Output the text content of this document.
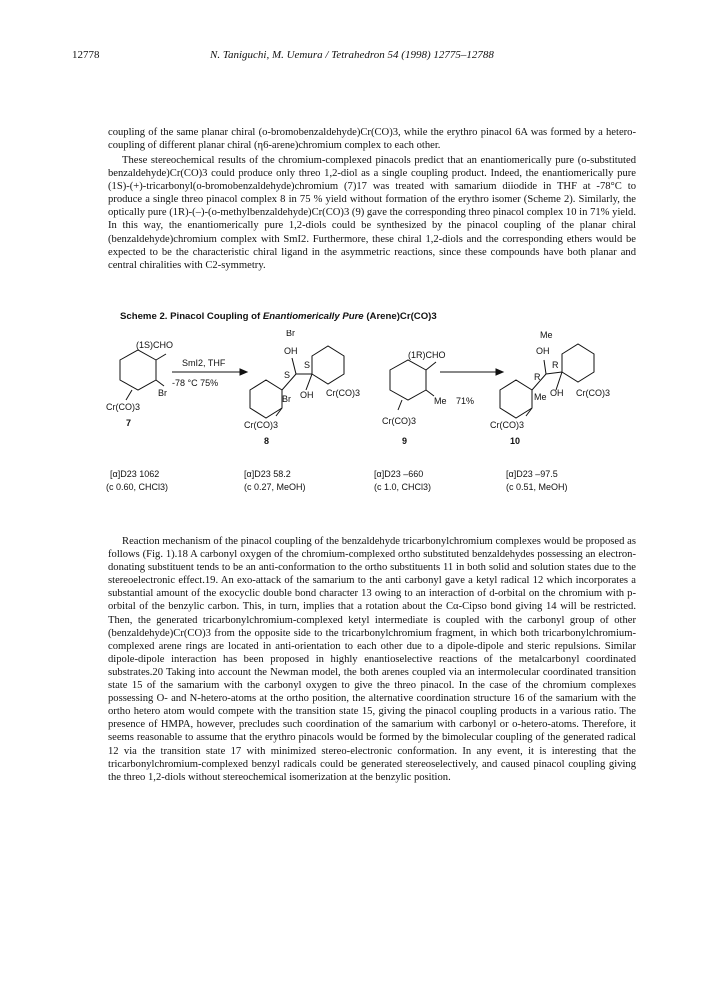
12778	N. Taniguchi, M. Uemura / Tetrahedron 54 (1998) 12775–12788

coupling of the same planar chiral (o-bromobenzaldehyde)Cr(CO)3, while the erythro pinacol 6A was formed by a hetero-coupling of different planar chiral (η6-arene)chromium complex to each other.

These stereochemical results of the chromium-complexed pinacols predict that an enantiomerically pure (o-substituted benzaldehyde)Cr(CO)3 could produce only threo 1,2-diol as a single coupling product. Indeed, the enantiomerically pure (1S)-(+)-tricarbonyl(o-bromobenzaldehyde)chromium (7)17 was treated with samarium diiodide in THF at -78°C to produce a single threo pinacol complex 8 in 75 % yield without formation of the erythro isomer (Scheme 2). Similarly, the optically pure (1R)-(–)-(o-methylbenzaldehyde)Cr(CO)3 (9) gave the corresponding threo pinacol complex 10 in 71% yield. In this way, the enantiomerically pure 1,2-diols could be synthesized by the pinacol coupling of the planar chiral (benzaldehyde)chromium complex with SmI2. Furthermore, these chiral 1,2-diols and the corresponding ethers would be expected to be the characteristic chiral ligand in the asymmetric reactions, since these compounds have both planar and central chiralities with C2-symmetry.

Scheme 2. Pinacol Coupling of Enantiomerically Pure (Arene)Cr(CO)3
(1S)CHO
Br
Cr(CO)3
7
SmI2, THF
-78 °C 75%
Br
OH
S
S
Br OH Cr(CO)3
Cr(CO)3
8
(1R)CHO
Me 71%
Cr(CO)3
9
Me
OH
R
R
Me OH Cr(CO)3
Cr(CO)3
10
[α]D23 1062
(c 0.60, CHCl3)
[α]D23 58.2
(c 0.27, MeOH)
[α]D23 –660
(c 1.0, CHCl3)
[α]D23 –97.5
(c 0.51, MeOH)

Reaction mechanism of the pinacol coupling of the benzaldehyde tricarbonylchromium complexes would be proposed as follows (Fig. 1).18 A carbonyl oxygen of the chromium-complexed ortho substituted benzaldehydes possessing an electron-donating substituent tends to be an anti-conformation to the ortho substituents 11 in both solid and solution states due to the stereoelectronic effect.19. An exo-attack of the samarium to the anti carbonyl gave a ketyl radical 12 which incorporates a substantial amount of the exocyclic double bond character 13 owing to an interaction of d-orbital on the chromium with p-orbital of the benzylic carbon. This, in turn, implies that a rotation about the Cα-Cipso bond giving 14 will be restricted. Then, the generated tricarbonylchromium-complexed ketyl intermediate is coupled with the carbonyl group of other (benzaldehyde)Cr(CO)3 from the opposite side to the tricarbonylchromium fragment, in which both tricarbonylchromium-complexed arene rings are located in anti-orientation to each other due to a dipole-dipole and steric repulsions. Similar dipole-dipole interaction has been proposed in highly enantioselective reactions of the metalcarbonyl coordinated substrates.20 Taking into account the Newman model, the both arenes coupled via an intermolecular coordinated transition state 15 of the samarium with the carbonyl oxygen to give the threo pinacol. In the case of the chromium complexes possessing O- and N-hetero-atoms at the ortho position, the alternative coordination structure 16 of the samarium with the ortho hetero atom would compete with the transition state 15, giving the pinacol coupling products in a various ratio. The presence of HMPA, however, precludes such coordination of the samarium with carbonyl or o-hetero-atoms. Therefore, it seems reasonable to assume that the erythro pinacols would be formed by the bimolecular coupling of the generated radical 12 via the transition state 17 with minimized stereo-electronic conformation. In any event, it is interesting that the tricarbonylchromium-complexed benzyl radicals could be generated stereoselectively, and caused pinacol coupling giving the threo 1,2-diols without stereochemical isomerization at the benzylic position.
